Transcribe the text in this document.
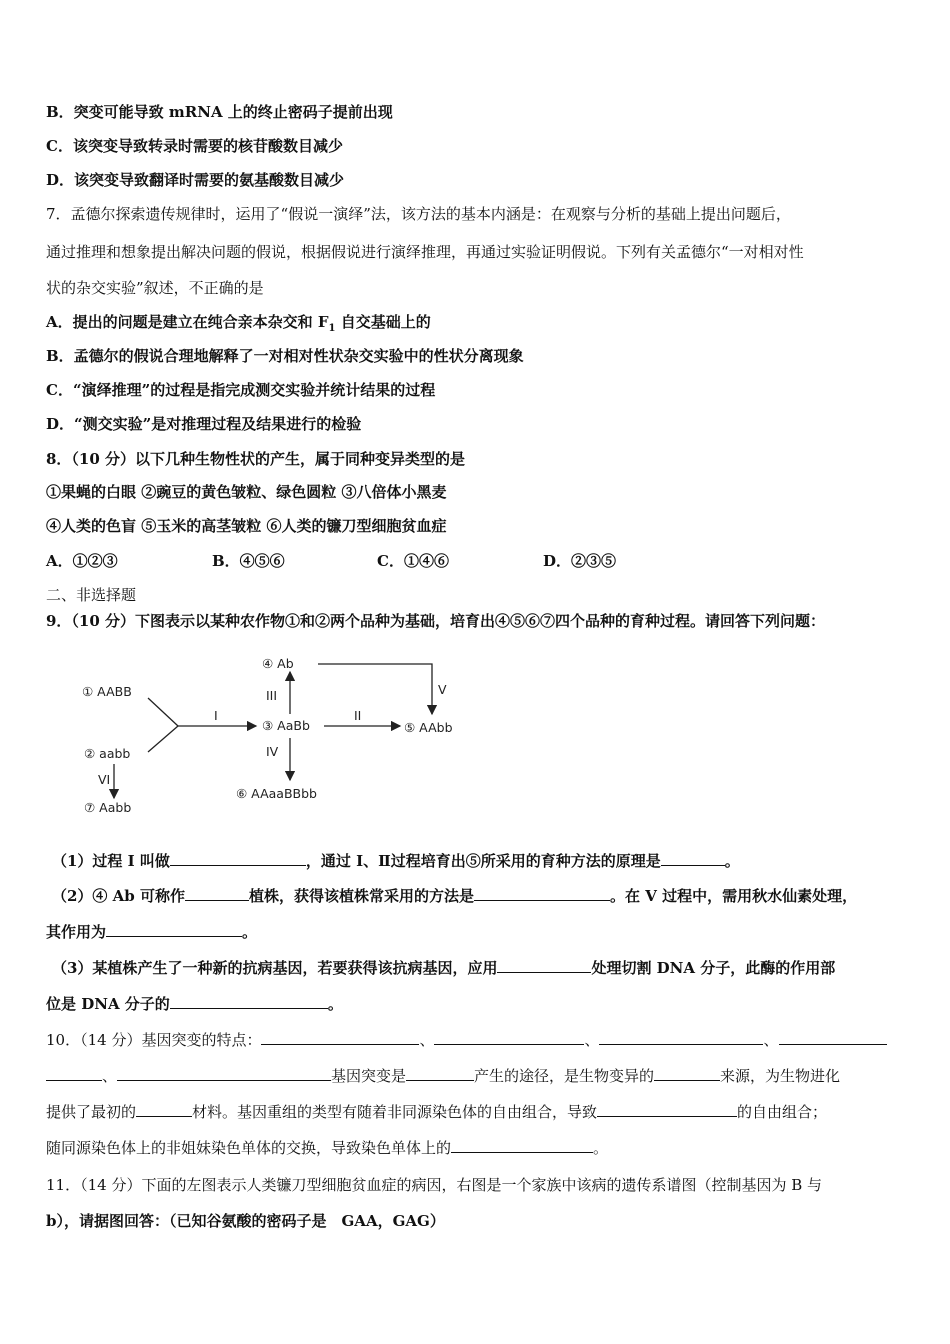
B．突变可能导致 mRNA 上的终止密码子提前出现
C．该突变导致转录时需要的核苷酸数目减少
D．该突变导致翻译时需要的氨基酸数目减少
7．孟德尔探索遗传规律时，运用了“假说一演绎”法，该方法的基本内涵是：在观察与分析的基础上提出问题后，
通过推理和想象提出解决问题的假说，根据假说进行演绎推理，再通过实验证明假说。下列有关孟德尔“一对相对性
状的杂交实验”叙述，不正确的是
A．提出的问题是建立在纯合亲本杂交和 $F_1$ 自交基础上的
B．孟德尔的假说合理地解释了一对相对性状杂交实验中的性状分离现象
C．“演绎推理”的过程是指完成测交实验并统计结果的过程
D．“测交实验”是对推理过程及结果进行的检验
8．（10 分）以下几种生物性状的产生，属于同种变异类型的是
①果蝇的白眼 ②豌豆的黄色皱粒、绿色圆粒 ③八倍体小黑麦
④人类的色盲 ⑤玉米的高茎皱粒 ⑥人类的镰刀型细胞贫血症
A．①②③	B．④⑤⑥	C．①④⑥	D．②③⑤
二、非选择题
9．（10 分）下图表示以某种农作物①和②两个品种为基础，培育出④⑤⑥⑦四个品种的育种过程。请回答下列问题：
① AABB
② aabb
③ AaBb
④ Ab
⑤ AAbb
⑥ AAaaBBbb
⑦ Aabb
I	II
III
IV
V
VI
（1）过程 I 叫做	，通过 I、Ⅱ过程培育出⑤所采用的育种方法的原理是	。
（2）④ Ab 可称作	植株，获得该植株常采用的方法是	。在 V 过程中，需用秋水仙素处理，
其作用为	。
（3）某植株产生了一种新的抗病基因，若要获得该抗病基因，应用	处理切割 DNA 分子，此酶的作用部
位是 DNA 分子的	。
10．（14 分）基因突变的特点：	、	、	、
、	基因突变是	产生的途径，是生物变异的	来源，为生物进化
提供了最初的	材料。基因重组的类型有随着非同源染色体的自由组合，导致	的自由组合；
随同源染色体上的非姐妹染色单体的交换，导致染色单体上的	。
11．（14 分）下面的左图表示人类镰刀型细胞贫血症的病因，右图是一个家族中该病的遗传系谱图（控制基因为 B 与
b），请据图回答：（已知谷氨酸的密码子是　GAA，GAG）
